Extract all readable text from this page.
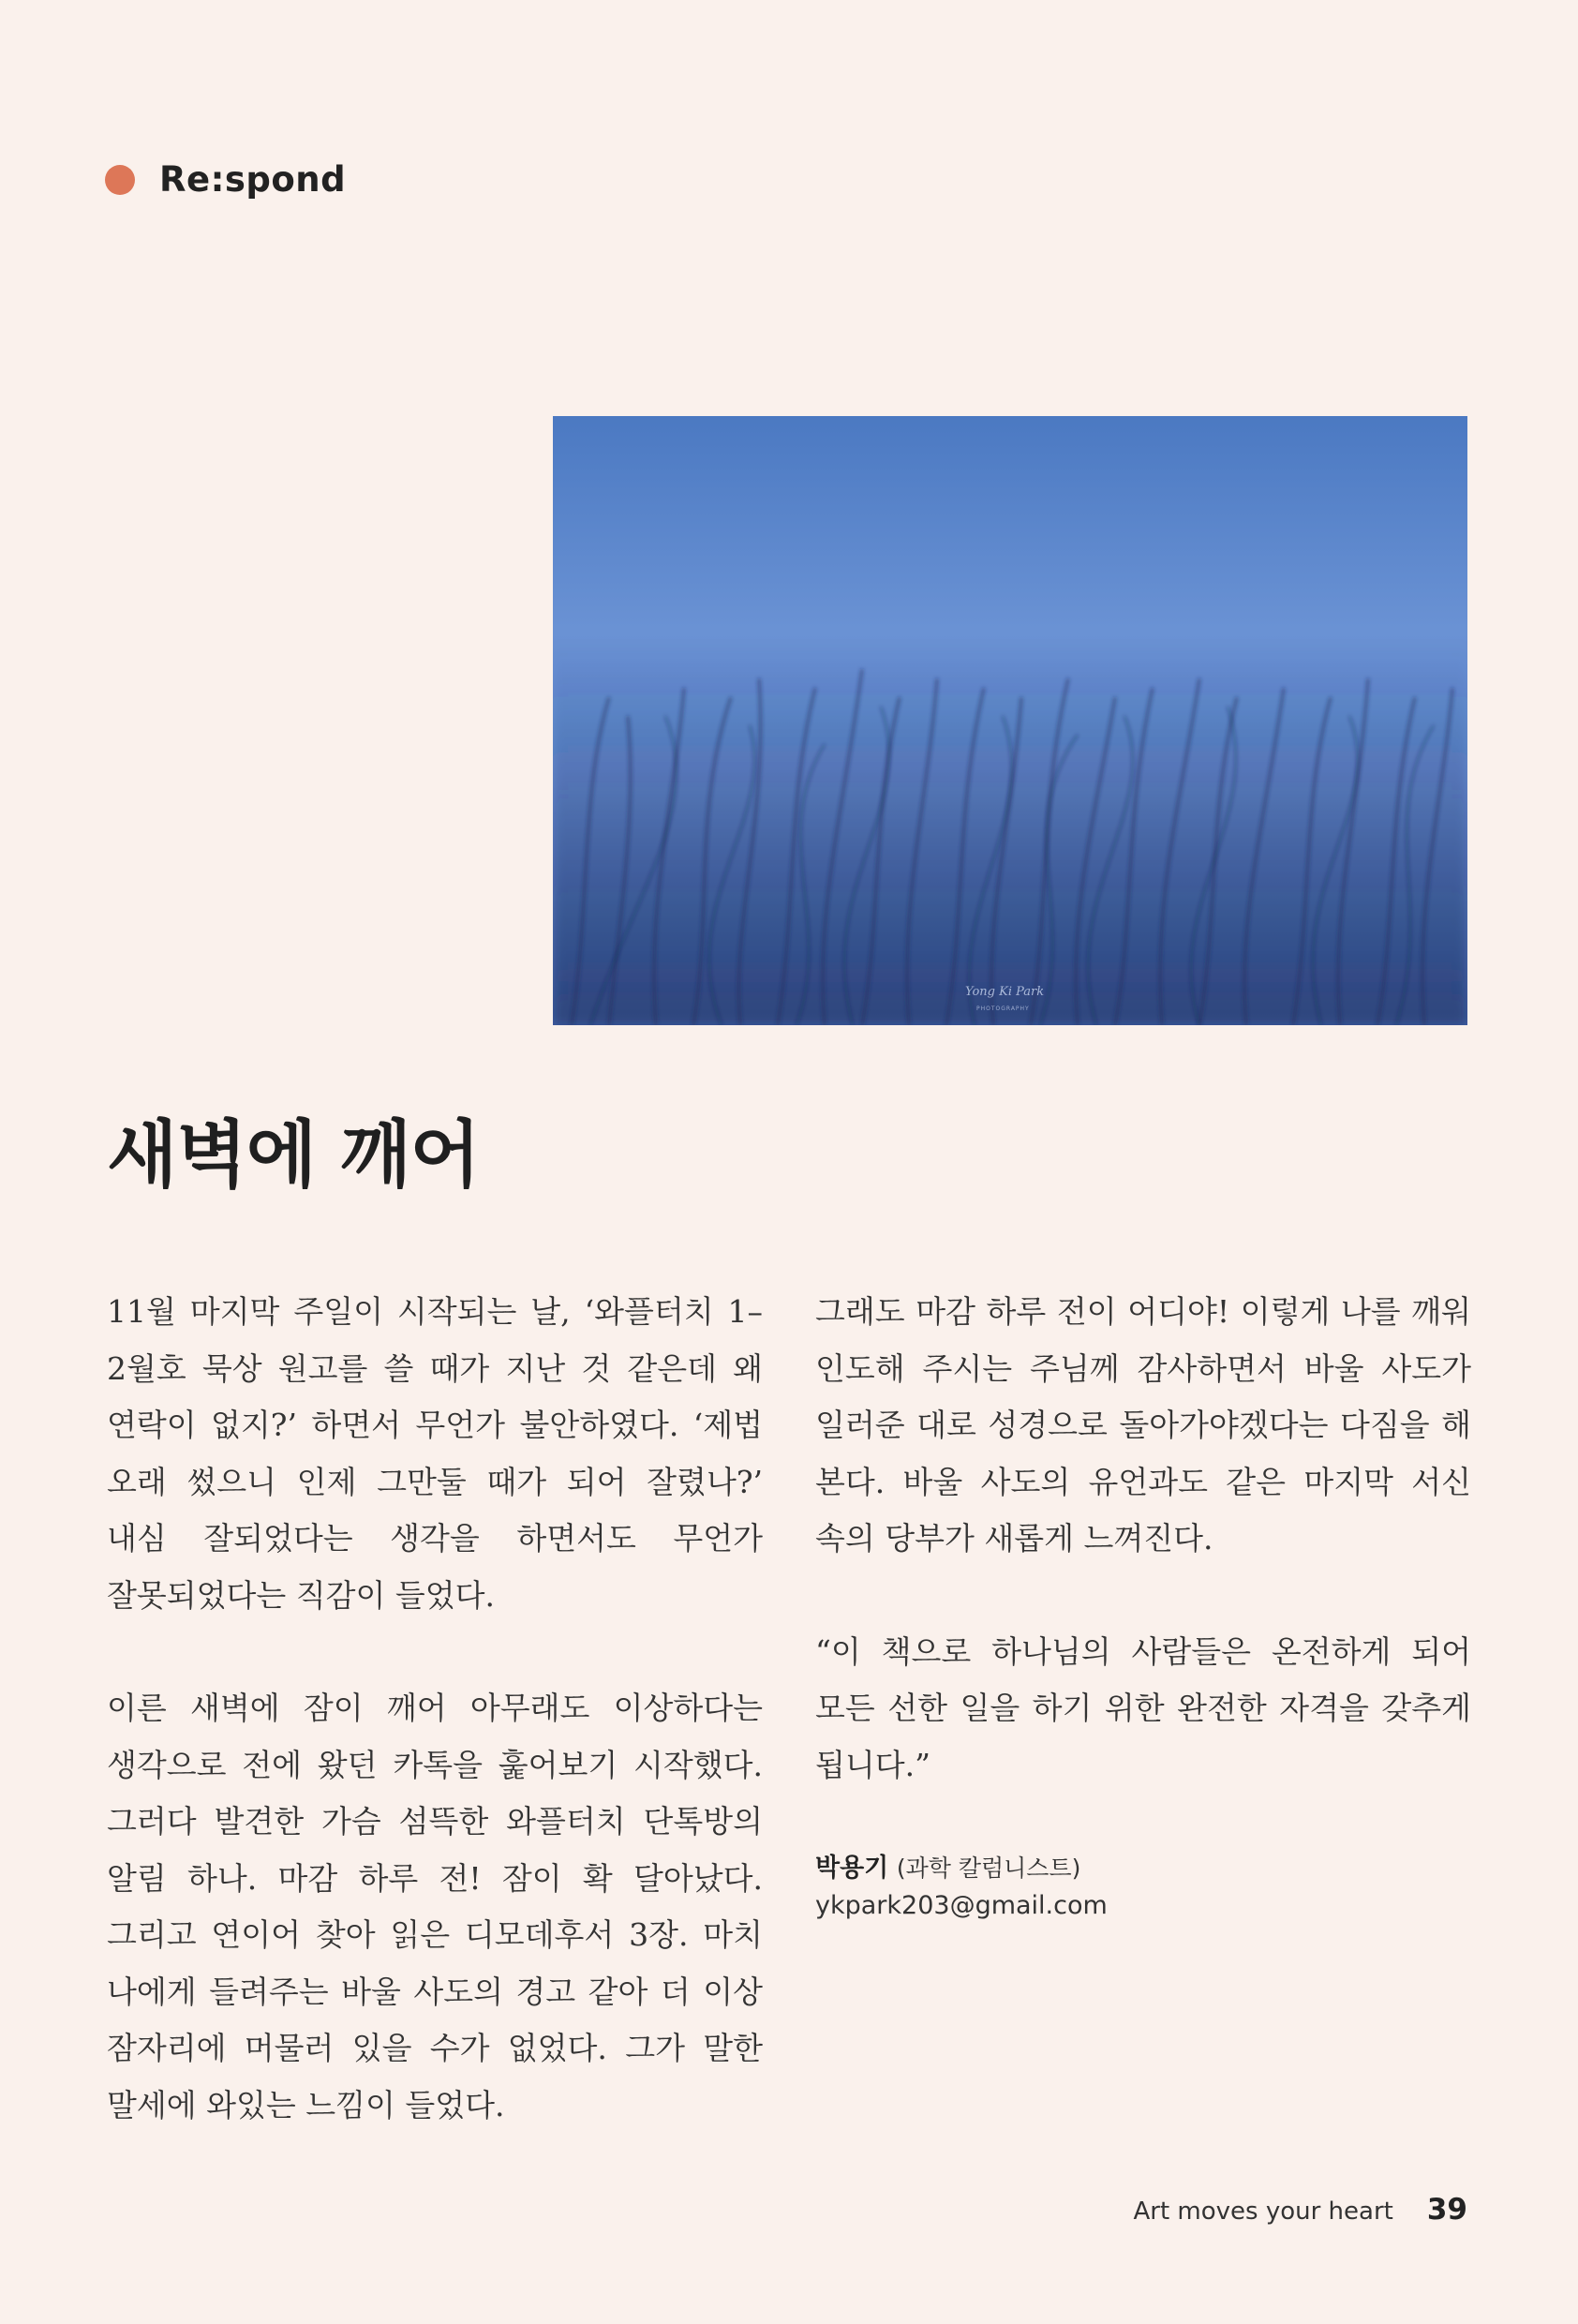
Re:spond
Yong Ki Park
PHOTOGRAPHY
새벽에 깨어

11월 마지막 주일이 시작되는 날, ‘와플터치 1–2월호 묵상 원고를 쓸 때가 지난 것 같은데 왜 연락이 없지?’ 하면서 무언가 불안하였다. ‘제법 오래 썼으니 인제 그만둘 때가 되어 잘렸나?’ 내심 잘되었다는 생각을 하면서도 무언가 잘못되었다는 직감이 들었다.

이른 새벽에 잠이 깨어 아무래도 이상하다는 생각으로 전에 왔던 카톡을 훑어보기 시작했다. 그러다 발견한 가슴 섬뜩한 와플터치 단톡방의 알림 하나. 마감 하루 전! 잠이 확 달아났다. 그리고 연이어 찾아 읽은 디모데후서 3장. 마치 나에게 들려주는 바울 사도의 경고 같아 더 이상 잠자리에 머물러 있을 수가 없었다. 그가 말한 말세에 와있는 느낌이 들었다.

그래도 마감 하루 전이 어디야! 이렇게 나를 깨워 인도해 주시는 주님께 감사하면서 바울 사도가 일러준 대로 성경으로 돌아가야겠다는 다짐을 해 본다. 바울 사도의 유언과도 같은 마지막 서신 속의 당부가 새롭게 느껴진다.

“이 책으로 하나님의 사람들은 온전하게 되어 모든 선한 일을 하기 위한 완전한 자격을 갖추게 됩니다.”

박용기 (과학 칼럼니스트)
ykpark203@gmail.com
Art moves your heart 39
